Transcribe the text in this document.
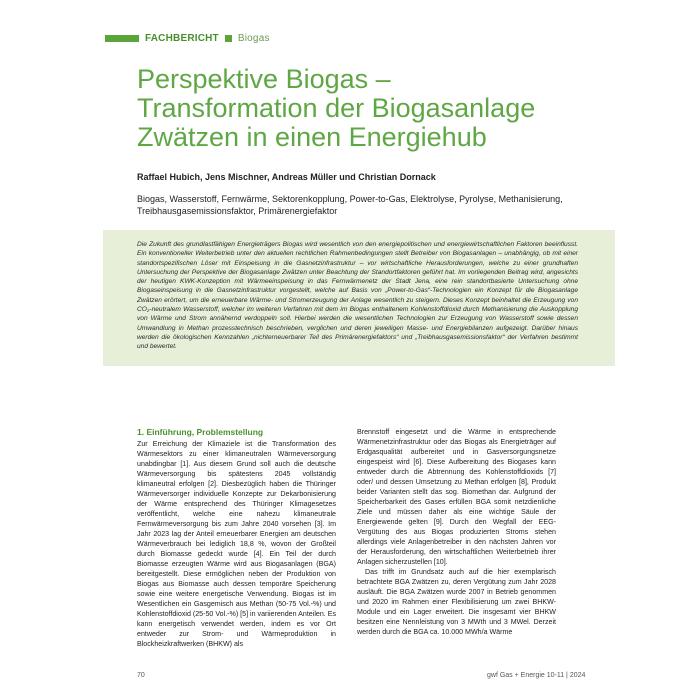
FACHBERICHT Biogas
Perspektive Biogas –
Transformation der Biogasanlage
Zwätzen in einen Energiehub
Raffael Hubich, Jens Mischner, Andreas Müller und Christian Dornack
Biogas, Wasserstoff, Fernwärme, Sektorenkopplung, Power-to-Gas, Elektrolyse, Pyrolyse, Methanisierung, Treibhausgasemissionsfaktor, Primärenergiefaktor

Die Zukunft des grundlastfähigen Energieträgers Biogas wird wesentlich von den energiepolitischen und energiewirtschaftlichen Faktoren beeinflusst. Ein konventioneller Weiterbetrieb unter den aktuellen rechtlichen Rahmenbedingungen stellt Betreiber von Biogasanlagen – unabhängig, ob mit einer standortspezifischen Löser mit Einspeisung in die Gasnetzinfrastruktur – vor wirtschaftliche Herausforderungen, welche zu einer grundhaften Untersuchung der Perspektive der Biogasanlage Zwätzen unter Beachtung der Standortfaktoren geführt hat. Im vorliegenden Beitrag wird, angesichts der heutigen KWK-Konzeption mit Wärmeeinspeisung in das Fernwärmenetz der Stadt Jena, eine rein standortbasierte Untersuchung ohne Biogaseinspeisung in die Gasnetzinfrastruktur vorgestellt, welche auf Basis von „Power-to-Gas“-Technologien ein Konzept für die Biogasanlage Zwätzen erörtert, um die erneuerbare Wärme- und Stromerzeugung der Anlage wesentlich zu steigern. Dieses Konzept beinhaltet die Erzeugung von CO₂-neutralem Wasserstoff, welcher im weiteren Verfahren mit dem im Biogas enthaltenem Kohlenstoffdioxid durch Methanisierung die Auskopplung von Wärme und Strom annähernd verdoppeln soll. Hierbei werden die wesentlichen Technologien zur Erzeugung von Wasserstoff sowie dessen Umwandlung in Methan prozesstechnisch beschrieben, verglichen und deren jeweiligen Masse- und Energiebilanzen aufgezeigt. Darüber hinaus werden die ökologischen Kennzahlen „nichterneuerbarer Teil des Primärenergiefaktors“ und „Treibhausgasemissionsfaktor“ der Verfahren bestimmt und bewertet.

1. Einführung, Problemstellung

Zur Erreichung der Klimaziele ist die Transformation des Wärmesektors zu einer klimaneutralen Wärmeversorgung unabdingbar [1]. Aus diesem Grund soll auch die deutsche Wärmeversorgung bis spätestens 2045 vollständig klimaneutral erfolgen [2]. Diesbezüglich haben die Thüringer Wärmeversorger individuelle Konzepte zur Dekarbonisierung der Wärme entsprechend des Thüringer Klimagesetzes veröffentlicht, welche eine nahezu klimaneutrale Fernwärmeversorgung bis zum Jahre 2040 vorsehen [3]. Im Jahr 2023 lag der Anteil erneuerbarer Energien am deutschen Wärmeverbrauch bei lediglich 18,8 %, wovon der Großteil durch Biomasse gedeckt wurde [4]. Ein Teil der durch Biomasse erzeugten Wärme wird aus Biogasanlagen (BGA) bereitgestellt. Diese ermöglichen neben der Produktion von Biogas aus Biomasse auch dessen temporäre Speicherung sowie eine weitere energetische Verwendung. Biogas ist im Wesentlichen ein Gasgemisch aus Methan (50-75 Vol.-%) und Kohlenstoffdioxid (25-50 Vol.-%) [5] in variierenden Anteilen. Es kann energetisch verwendet werden, indem es vor Ort entweder zur Strom- und Wärmeproduktion in Blockheizkraftwerken (BHKW) als

Brennstoff eingesetzt und die Wärme in entsprechende Wärmenetzinfrastruktur oder das Biogas als Energieträger auf Erdgasqualität aufbereitet und in Gasversorgungsnetze eingespeist wird [6]. Diese Aufbereitung des Biogases kann entweder durch die Abtrennung des Kohlenstoffdioxids [7] oder/ und dessen Umsetzung zu Methan erfolgen [8], Produkt beider Varianten stellt das sog. Biomethan dar. Aufgrund der Speicherbarkeit des Gases erfüllen BGA somit netzdienliche Ziele und müssen daher als eine wichtige Säule der Energiewende gelten [9]. Durch den Wegfall der EEG-Vergütung des aus Biogas produzierten Stroms stehen allerdings viele Anlagenbetreiber in den nächsten Jahren vor der Herausforderung, den wirtschaftlichen Weiterbetrieb ihrer Anlagen sicherzustellen [10].

Das trifft im Grundsatz auch auf die hier exemplarisch betrachtete BGA Zwätzen zu, deren Vergütung zum Jahr 2028 ausläuft. Die BGA Zwätzen wurde 2007 in Betrieb genommen und 2020 im Rahmen einer Flexibilisierung um zwei BHKW-Module und ein Lager erweitert. Die insgesamt vier BHKW besitzen eine Nennleistung von 3 MWth und 3 MWel. Derzeit werden durch die BGA ca. 10.000 MWh/a Wärme

70	gwf Gas + Energie 10-11 | 2024
